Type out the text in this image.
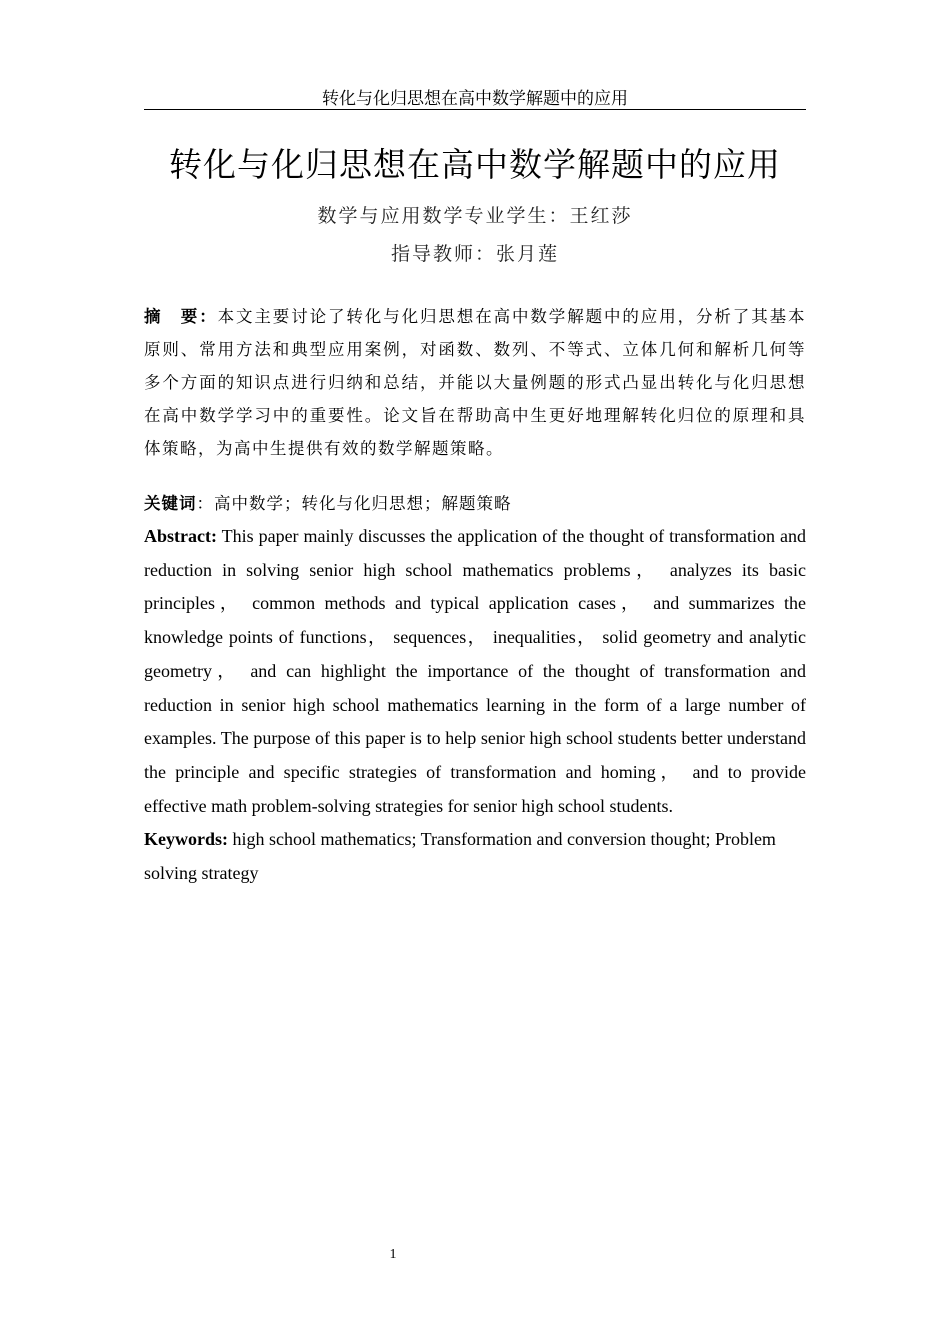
转化与化归思想在高中数学解题中的应用
转化与化归思想在高中数学解题中的应用
数学与应用数学专业学生：王红莎
指导教师：张月莲
摘　要：本文主要讨论了转化与化归思想在高中数学解题中的应用，分析了其基本原则、常用方法和典型应用案例，对函数、数列、不等式、立体几何和解析几何等多个方面的知识点进行归纳和总结，并能以大量例题的形式凸显出转化与化归思想在高中数学学习中的重要性。论文旨在帮助高中生更好地理解转化归位的原理和具体策略，为高中生提供有效的数学解题策略。
关键词：高中数学；转化与化归思想；解题策略
Abstract: This paper mainly discusses the application of the thought of transformation and reduction in solving senior high school mathematics problems， analyzes its basic principles， common methods and typical application cases， and summarizes the knowledge points of functions， sequences， inequalities， solid geometry and analytic geometry， and can highlight the importance of the thought of transformation and reduction in senior high school mathematics learning in the form of a large number of examples. The purpose of this paper is to help senior high school students better understand the principle and specific strategies of transformation and homing， and to provide effective math problem-solving strategies for senior high school students.
Keywords: high school mathematics; Transformation and conversion thought; Problem solving strategy
1
